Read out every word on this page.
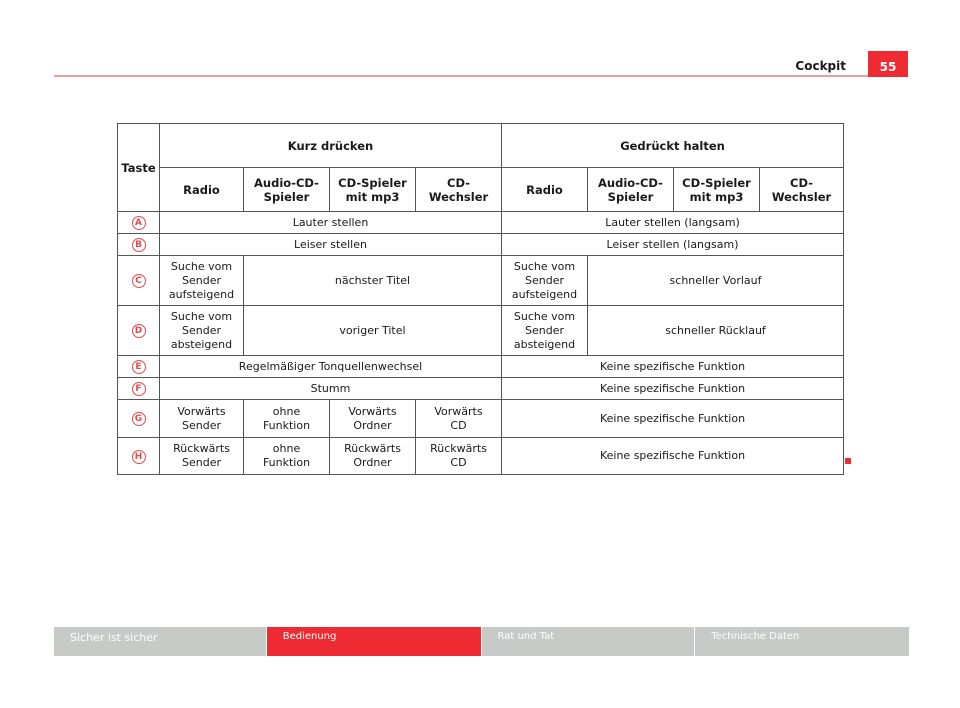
Cockpit	55
Taste	Kurz drücken				Gedrückt halten			
	Radio	Audio-CD-
Spieler	CD-Spieler
mit mp3	CD-Wechsler	Radio	Audio-CD-
Spieler	CD-Spieler
mit mp3	CD-Wechsler
A	Lauter stellen				Lauter stellen (langsam)			
B	Leiser stellen				Leiser stellen (langsam)			
C	Suche vom
Sender
aufsteigend	nächster Titel			Suche vom
Sender
aufsteigend	schneller Vorlauf		
D	Suche vom
Sender
absteigend	voriger Titel			Suche vom
Sender
absteigend	schneller Rücklauf		
E	Regelmäßiger Tonquellenwechsel				Keine spezifische Funktion			
F	Stumm				Keine spezifische Funktion			
G	Vorwärts
Sender	ohne
Funktion	Vorwärts
Ordner	Vorwärts
CD	Keine spezifische Funktion			
H	Rückwärts
Sender	ohne
Funktion	Rückwärts
Ordner	Rückwärts
CD	Keine spezifische Funktion			
Sicher ist sicher	Bedienung	Rat und Tat	Technische Daten
